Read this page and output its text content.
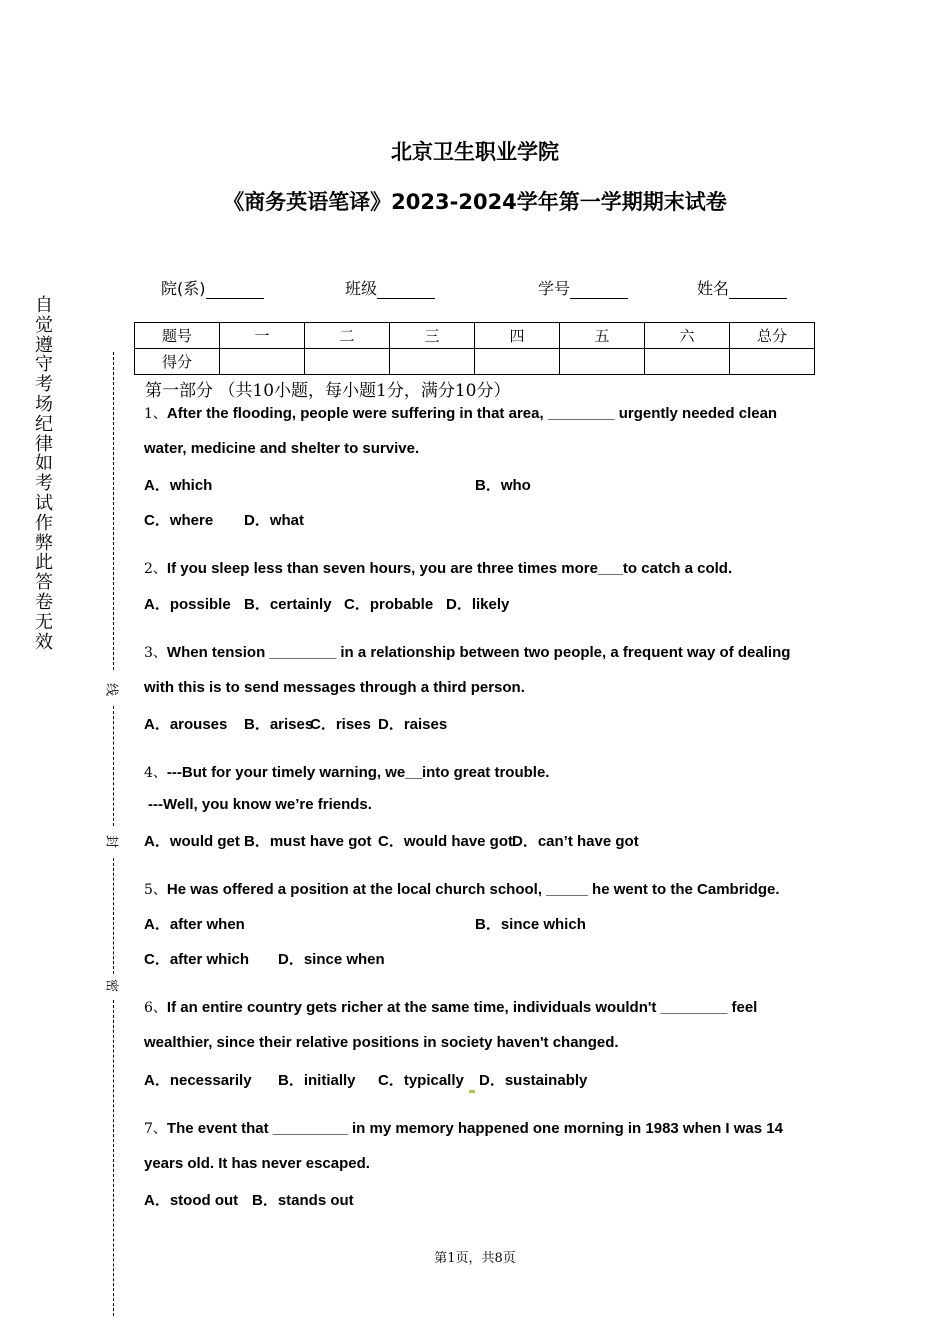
北京卫生职业学院
《商务英语笔译》2023-2024学年第一学期期末试卷
院(系)	班级	学号	姓名
题号	一	二	三	四	五	六	总分
得分							
自
觉
遵
守
考
场
纪
律
如
考
试
作
弊
此
答
卷
无
效
线
封
密
第一部分 （共10小题，每小题1分，满分10分）
1、After the flooding, people were suffering in that area, ________ urgently needed clean
water, medicine and shelter to survive.
A．which	B．who
C．where D．what
2、If you sleep less than seven hours, you are three times more___to catch a cold.
A．possible B．certainly C．probable D．likely
3、When tension ________ in a relationship between two people, a frequent way of dealing
with this is to send messages through a third person.
A．arouses B．arises
C．rises D．raises
4、---But for your timely warning, we__into great trouble.
---Well, you know we’re friends.
A．would get B．must have got C．would have got
D．can’t have got
5、He was offered a position at the local church school, _____ he went to the Cambridge.
A．after when	B．since which
C．after which D．since when
6、If an entire country gets richer at the same time, individuals wouldn't ________ feel
wealthier, since their relative positions in society haven't changed.
A．necessarily B．initially C．typically D．sustainably
7、The event that _________ in my memory happened one morning in 1983 when I was 14
years old. It has never escaped.
A．stood out B．stands out
第1页，共8页
